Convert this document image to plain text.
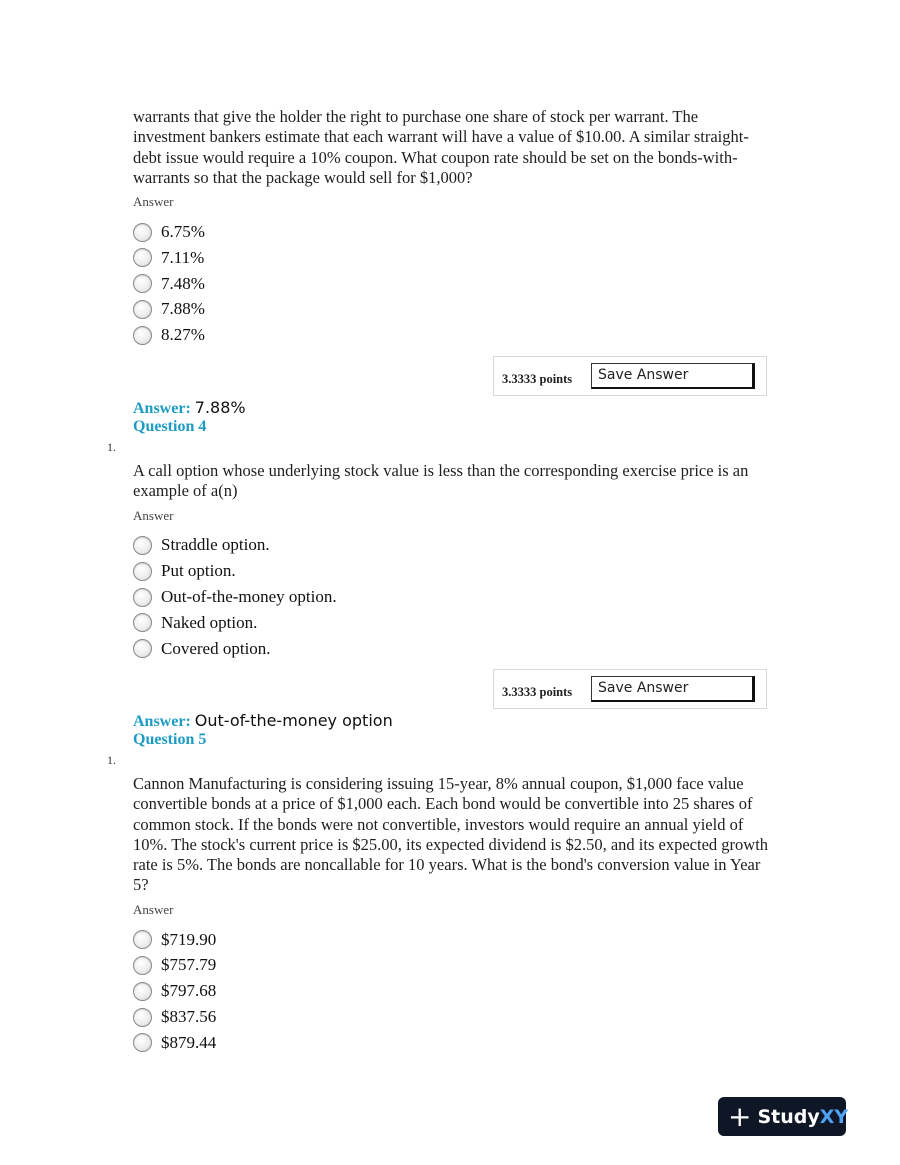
warrants that give the holder the right to purchase one share of stock per warrant. The investment bankers estimate that each warrant will have a value of $10.00. A similar straight-debt issue would require a 10% coupon. What coupon rate should be set on the bonds-with-warrants so that the package would sell for $1,000?
Answer
6.75%
7.11%
7.48%
7.88%
8.27%
3.3333 points	Save Answer
Answer: 7.88%
Question 4
1.
A call option whose underlying stock value is less than the corresponding exercise price is an example of a(n)
Answer
Straddle option.
Put option.
Out-of-the-money option.
Naked option.
Covered option.
3.3333 points	Save Answer
Answer: Out-of-the-money option
Question 5
1.
Cannon Manufacturing is considering issuing 15-year, 8% annual coupon, $1,000 face value convertible bonds at a price of $1,000 each. Each bond would be convertible into 25 shares of common stock. If the bonds were not convertible, investors would require an annual yield of 10%. The stock's current price is $25.00, its expected dividend is $2.50, and its expected growth rate is 5%. The bonds are noncallable for 10 years. What is the bond's conversion value in Year 5?
Answer
$719.90
$757.79
$797.68
$837.56
$879.44
+ Study XY
